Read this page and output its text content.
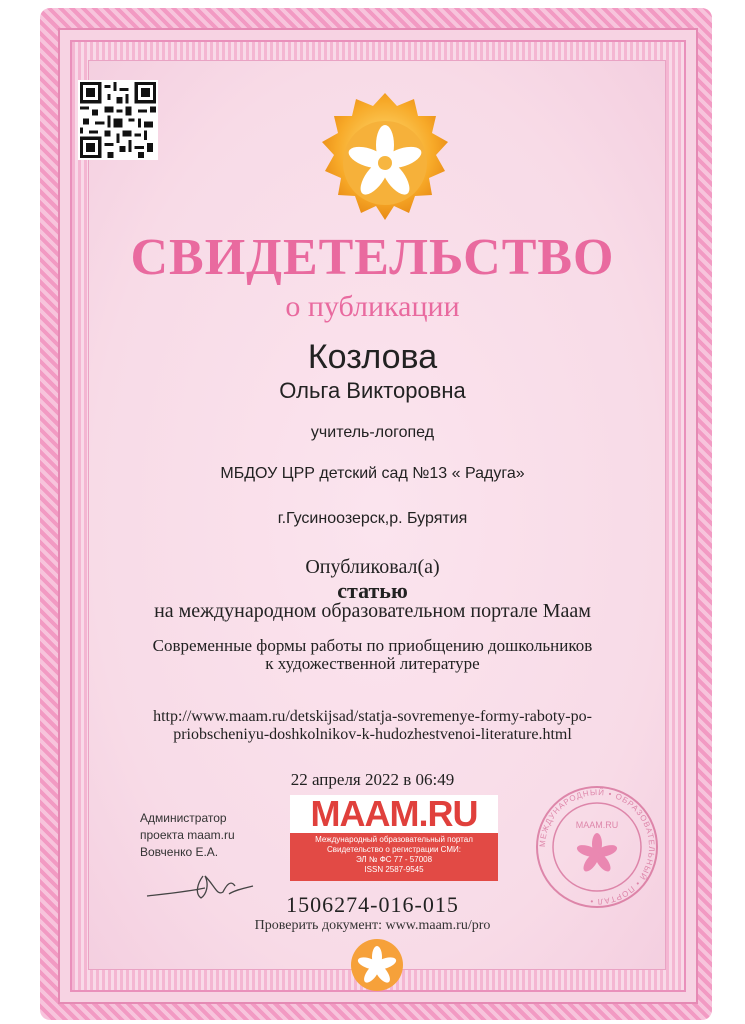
СВИДЕТЕЛЬСТВО
о публикации
Козлова
Ольга Викторовна
учитель-логопед
МБДОУ ЦРР детский сад №13 « Радуга»
г.Гусиноозерск,р. Бурятия
Опубликовал(а)
статью
на международном образовательном портале Маам
Современные формы работы по приобщению дошкольников
к художественной литературе
http://www.maam.ru/detskijsad/statja-sovremenye-formy-raboty-po-
priobscheniyu-doshkolnikov-k-hudozhestvenoi-literature.html
22 апреля 2022 в 06:49
Администратор
проекта maam.ru
Вовченко Е.А.
MAAM.RU
Международный образовательный портал
Свидетельство о регистрации СМИ:
ЭЛ № ФС 77 - 57008
ISSN 2587-9545
МЕЖДУНАРОДНЫЙ • ОБРАЗОВАТЕЛЬНЫЙ • ПОРТАЛ •
МААМ.RU
1506274-016-015
Проверить документ: www.maam.ru/pro
